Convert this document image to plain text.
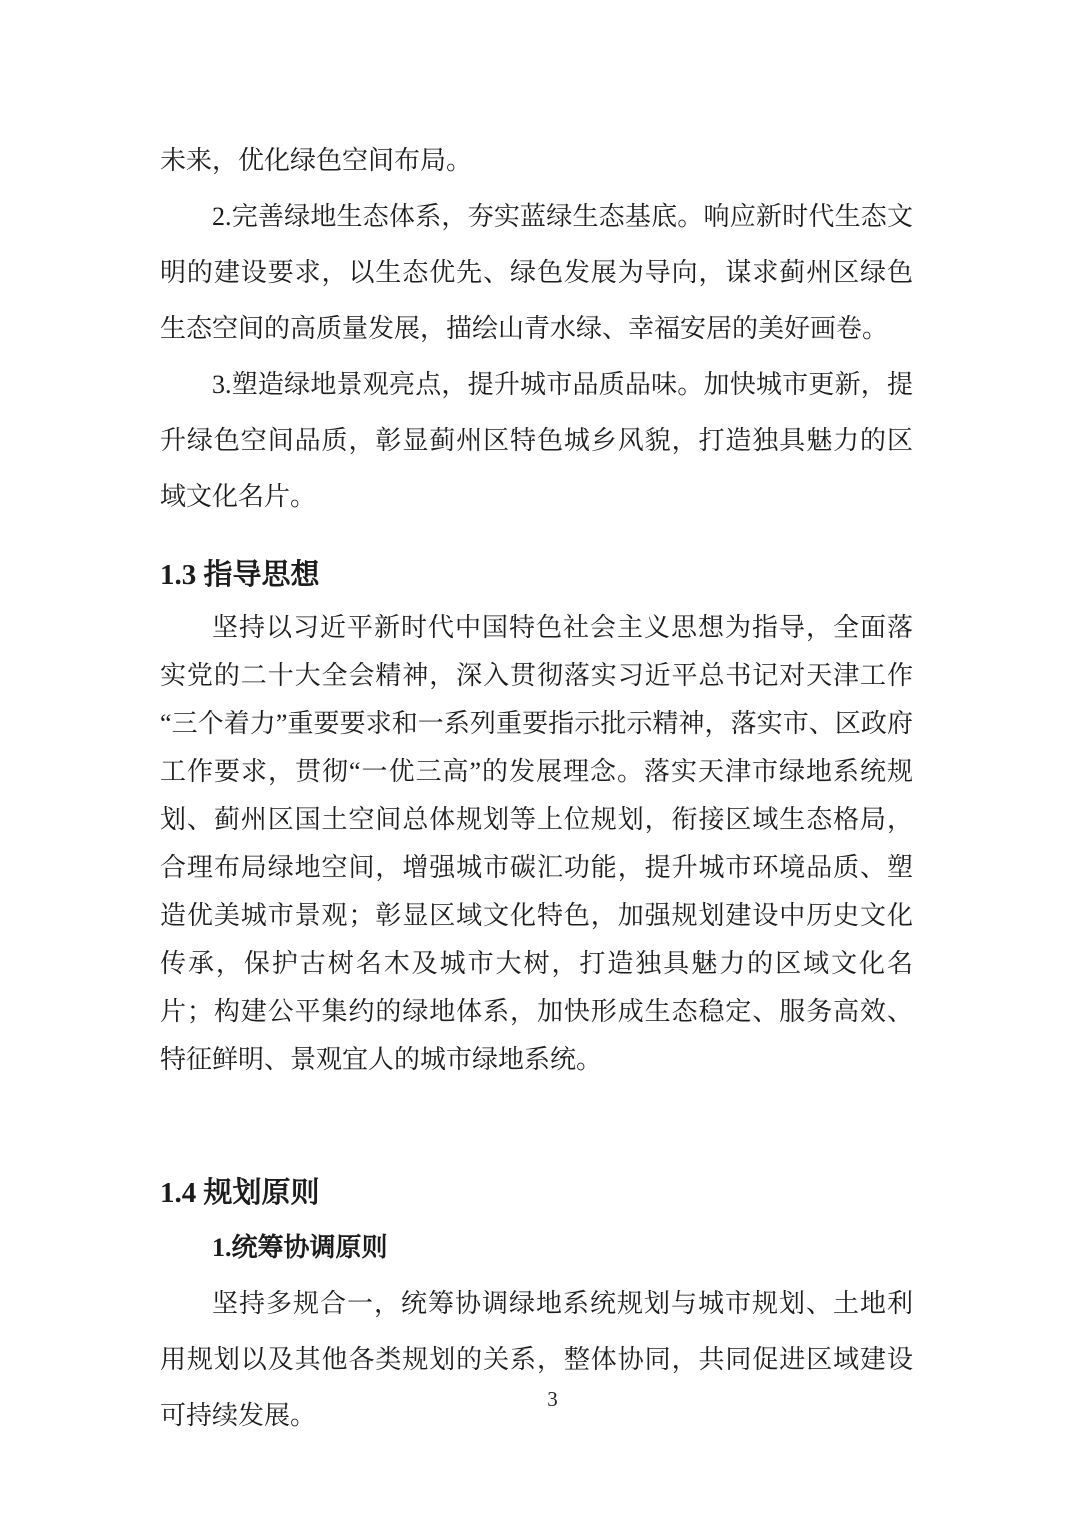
未来，优化绿色空间布局。

2.完善绿地生态体系，夯实蓝绿生态基底。响应新时代生态文明的建设要求，以生态优先、绿色发展为导向，谋求蓟州区绿色生态空间的高质量发展，描绘山青水绿、幸福安居的美好画卷。

3.塑造绿地景观亮点，提升城市品质品味。加快城市更新，提升绿色空间品质，彰显蓟州区特色城乡风貌，打造独具魅力的区域文化名片。

1.3 指导思想

坚持以习近平新时代中国特色社会主义思想为指导，全面落实党的二十大全会精神，深入贯彻落实习近平总书记对天津工作“三个着力”重要要求和一系列重要指示批示精神，落实市、区政府工作要求，贯彻“一优三高”的发展理念。落实天津市绿地系统规划、蓟州区国土空间总体规划等上位规划，衔接区域生态格局，合理布局绿地空间，增强城市碳汇功能，提升城市环境品质、塑造优美城市景观；彰显区域文化特色，加强规划建设中历史文化传承，保护古树名木及城市大树，打造独具魅力的区域文化名片；构建公平集约的绿地体系，加快形成生态稳定、服务高效、特征鲜明、景观宜人的城市绿地系统。

1.4 规划原则
1.统筹协调原则

坚持多规合一，统筹协调绿地系统规划与城市规划、土地利用规划以及其他各类规划的关系，整体协同，共同促进区域建设可持续发展。

3
